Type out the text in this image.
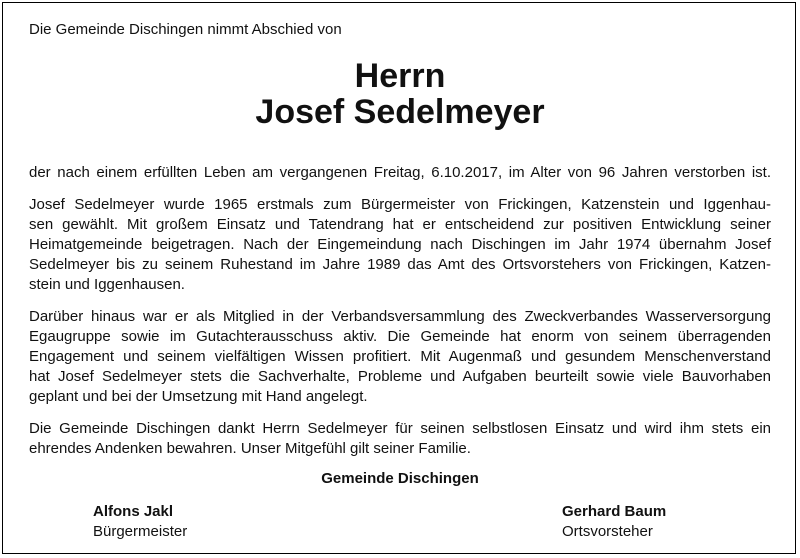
Die Gemeinde Dischingen nimmt Abschied von
Herrn
Josef Sedelmeyer
der nach einem erfüllten Leben am vergangenen Freitag, 6.10.2017, im Alter von 96 Jahren verstorben ist.
Josef Sedelmeyer wurde 1965 erstmals zum Bürgermeister von Frickingen, Katzenstein und Iggenhau-
sen gewählt. Mit großem Einsatz und Tatendrang hat er entscheidend zur positiven Entwicklung seiner
Heimatgemeinde beigetragen. Nach der Eingemeindung nach Dischingen im Jahr 1974 übernahm Josef
Sedelmeyer bis zu seinem Ruhestand im Jahre 1989 das Amt des Ortsvorstehers von Frickingen, Katzen-
stein und Iggenhausen.
Darüber hinaus war er als Mitglied in der Verbandsversammlung des Zweckverbandes Wasserversorgung
Egaugruppe sowie im Gutachterausschuss aktiv. Die Gemeinde hat enorm von seinem überragenden
Engagement und seinem vielfältigen Wissen profitiert. Mit Augenmaß und gesundem Menschenverstand
hat Josef Sedelmeyer stets die Sachverhalte, Probleme und Aufgaben beurteilt sowie viele Bauvorhaben
geplant und bei der Umsetzung mit Hand angelegt.
Die Gemeinde Dischingen dankt Herrn Sedelmeyer für seinen selbstlosen Einsatz und wird ihm stets ein
ehrendes Andenken bewahren. Unser Mitgefühl gilt seiner Familie.
Gemeinde Dischingen
Alfons Jakl
Bürgermeister
Gerhard Baum
Ortsvorsteher
